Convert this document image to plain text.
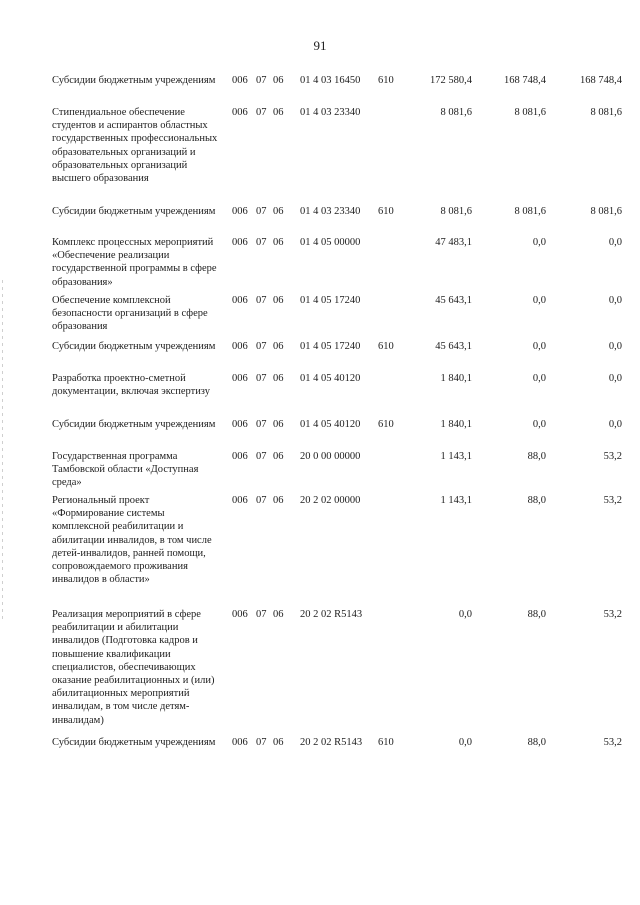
91
Субсидии бюджетным учреждениям	006 07 06 01 4 03 16450 610	172 580,4	168 748,4	168 748,4
Стипендиальное обеспечение студентов и аспирантов областных государственных профессиональных образовательных организаций и образовательных организаций высшего образования
006 07 06 01 4 03 23340	8 081,6	8 081,6	8 081,6
Субсидии бюджетным учреждениям	006 07 06 01 4 03 23340 610	8 081,6	8 081,6	8 081,6
Комплекс процессных мероприятий «Обеспечение реализации государственной программы в сфере образования»
006 07 06 01 4 05 00000	47 483,1	0,0	0,0
Обеспечение комплексной безопасности организаций в сфере образования
006 07 06 01 4 05 17240	45 643,1	0,0	0,0
Субсидии бюджетным учреждениям	006 07 06 01 4 05 17240 610	45 643,1	0,0	0,0
Разработка проектно-сметной документации, включая экспертизу
006 07 06 01 4 05 40120	1 840,1	0,0	0,0
Субсидии бюджетным учреждениям	006 07 06 01 4 05 40120 610	1 840,1	0,0	0,0
Государственная программа Тамбовской области «Доступная среда»
006 07 06 20 0 00 00000	1 143,1	88,0	53,2
Региональный проект «Формирование системы комплексной реабилитации и абилитации инвалидов, в том числе детей-инвалидов, ранней помощи, сопровождаемого проживания инвалидов в области»
006 07 06 20 2 02 00000	1 143,1	88,0	53,2
Реализация мероприятий в сфере реабилитации и абилитации инвалидов (Подготовка кадров и повышение квалификации специалистов, обеспечивающих оказание реабилитационных и (или) абилитационных мероприятий инвалидам, в том числе детям-инвалидам)
006 07 06 20 2 02 R5143	0,0	88,0	53,2
Субсидии бюджетным учреждениям	006 07 06 20 2 02 R5143 610	0,0	88,0	53,2
